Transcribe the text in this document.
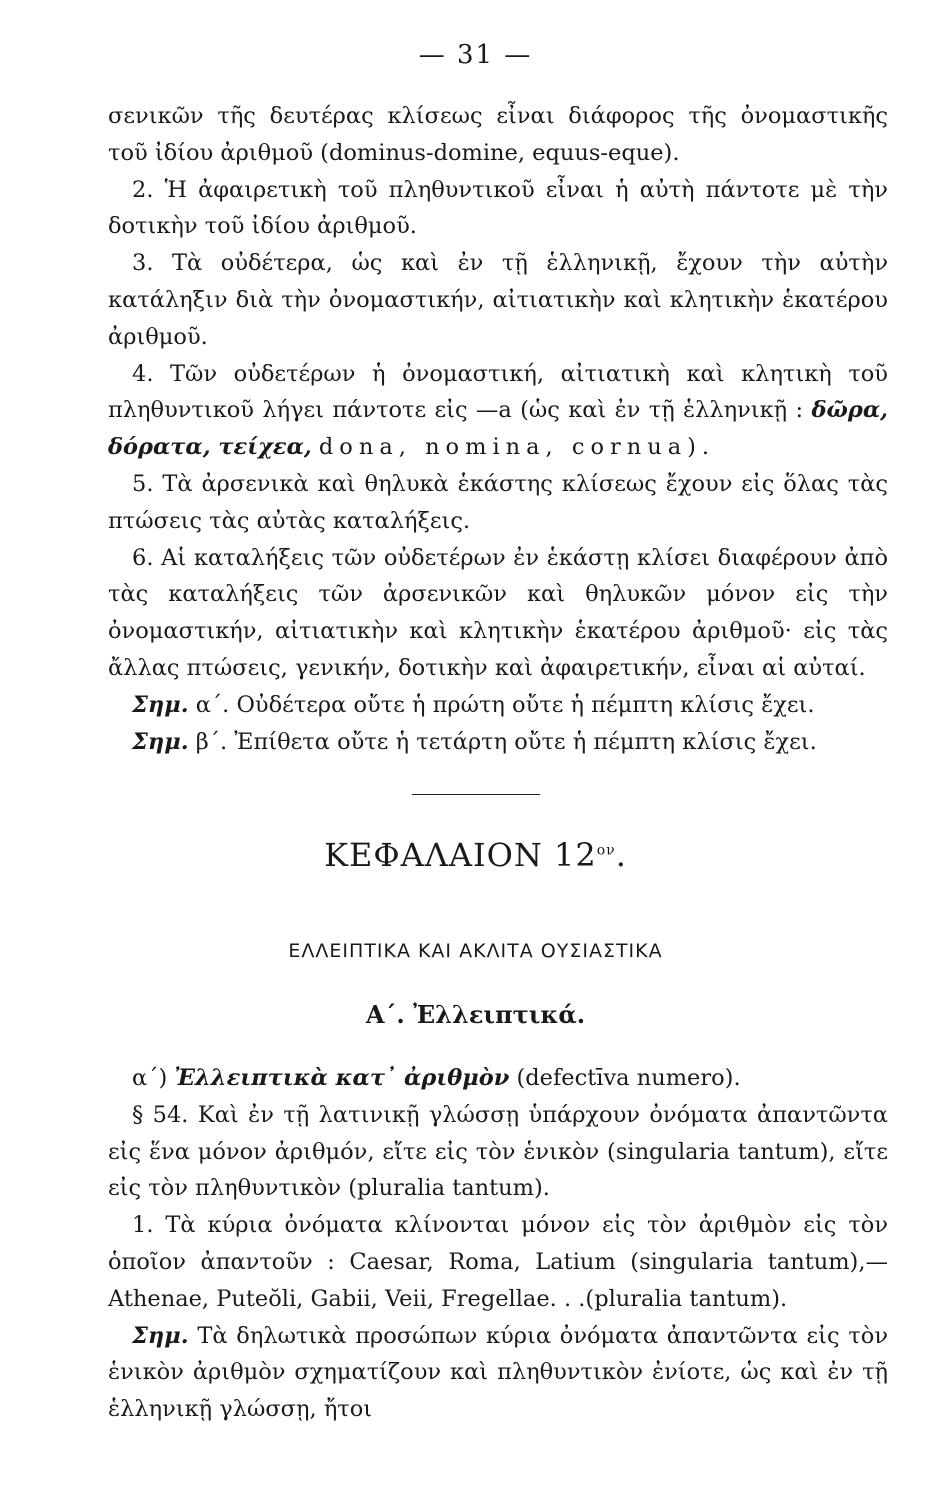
— 31 —

σενικῶν τῆς δευτέρας κλίσεως εἶναι διάφορος τῆς ὀνομαστικῆς τοῦ ἰδίου ἀριθμοῦ (dominus-domine, equus-eque).

2. Ἡ ἀφαιρετικὴ τοῦ πληθυντικοῦ εἶναι ἡ αὐτὴ πάντοτε μὲ τὴν δοτικὴν τοῦ ἰδίου ἀριθμοῦ.

3. Τὰ οὐδέτερα, ὡς καὶ ἐν τῇ ἑλληνικῇ, ἔχουν τὴν αὐτὴν κατάληξιν διὰ τὴν ὀνομαστικήν, αἰτιατικὴν καὶ κλητικὴν ἑκατέρου ἀριθμοῦ.

4. Τῶν οὐδετέρων ἡ ὀνομαστική, αἰτιατικὴ καὶ κλητικὴ τοῦ πληθυντικοῦ λήγει πάντοτε εἰς —a (ὡς καὶ ἐν τῇ ἑλληνικῇ : δῶρα, δόρατα, τείχεα, dona, nomina, cornua).

5. Τὰ ἀρσενικὰ καὶ θηλυκὰ ἑκάστης κλίσεως ἔχουν εἰς ὅλας τὰς πτώσεις τὰς αὐτὰς καταλήξεις.

6. Αἱ καταλήξεις τῶν οὐδετέρων ἐν ἑκάστῃ κλίσει διαφέρουν ἀπὸ τὰς καταλήξεις τῶν ἀρσενικῶν καὶ θηλυκῶν μόνον εἰς τὴν ὀνομαστικήν, αἰτιατικὴν καὶ κλητικὴν ἑκατέρου ἀριθμοῦ· εἰς τὰς ἄλλας πτώσεις, γενικήν, δοτικὴν καὶ ἀφαιρετικήν, εἶναι αἱ αὐταί.

Σημ. α΄. Οὐδέτερα οὔτε ἡ πρώτη οὔτε ἡ πέμπτη κλίσις ἔχει.

Σημ. β΄. Ἐπίθετα οὔτε ἡ τετάρτη οὔτε ἡ πέμπτη κλίσις ἔχει.

ΚΕΦΑΛΑΙΟΝ $12^{o\nu}$.
ΕΛΛΕΙΠΤΙΚΑ ΚΑΙ ΑΚΛΙΤΑ ΟΥΣΙΑΣΤΙΚΑ
Α΄. Ἐλλειπτικά.

α΄) Ἐλλειπτικὰ κατ᾽ ἀριθμὸν (defectīva numero).

§ 54. Καὶ ἐν τῇ λατινικῇ γλώσσῃ ὑπάρχουν ὀνόματα ἀπαντῶντα εἰς ἕνα μόνον ἀριθμόν, εἴτε εἰς τὸν ἑνικὸν (singularia tantum), εἴτε εἰς τὸν πληθυντικὸν (pluralia tantum).

1. Τὰ κύρια ὀνόματα κλίνονται μόνον εἰς τὸν ἀριθμὸν εἰς τὸν ὁποῖον ἀπαντοῦν : Caesar, Roma, Latium (singularia tantum),—Athenae, Puteŏli, Gabii, Veii, Fregellae. . .(pluralia tantum).

Σημ. Τὰ δηλωτικὰ προσώπων κύρια ὀνόματα ἀπαντῶντα εἰς τὸν ἑνικὸν ἀριθμὸν σχηματίζουν καὶ πληθυντικὸν ἐνίοτε, ὡς καὶ ἐν τῇ ἑλληνικῇ γλώσσῃ, ἤτοι
